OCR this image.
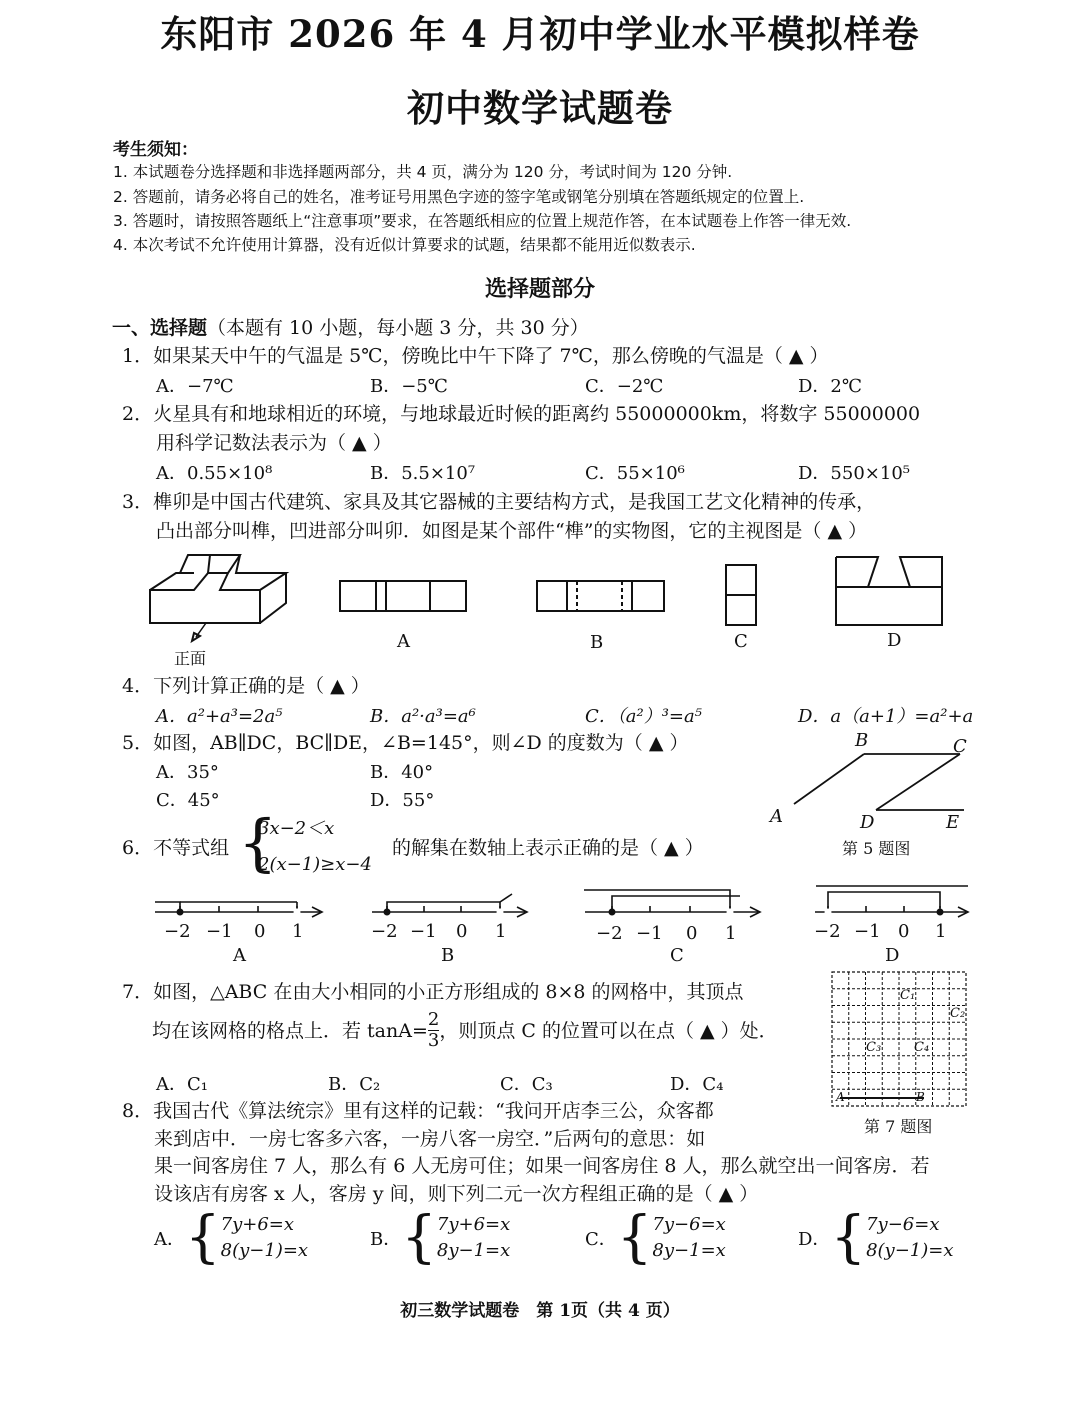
东阳市 2026 年 4 月初中学业水平模拟样卷
初中数学试题卷
考生须知：
1. 本试题卷分选择题和非选择题两部分，共 4 页，满分为 120 分，考试时间为 120 分钟.
2. 答题前，请务必将自己的姓名，准考证号用黑色字迹的签字笔或钢笔分别填在答题纸规定的位置上.
3. 答题时，请按照答题纸上“注意事项”要求，在答题纸相应的位置上规范作答，在本试题卷上作答一律无效.
4. 本次考试不允许使用计算器，没有近似计算要求的试题，结果都不能用近似数表示.
选择题部分
一、选择题（本题有 10 小题，每小题 3 分，共 30 分）
1．如果某天中午的气温是 5℃，傍晚比中午下降了 7℃，那么傍晚的气温是（ ▲ ）
A．−7℃	B．−5℃	C．−2℃	D．2℃
2．火星具有和地球相近的环境，与地球最近时候的距离约 55000000km，将数字 55000000
用科学记数法表示为（ ▲ ）
A．0.55×10⁸	B．5.5×10⁷	C．55×10⁶	D．550×10⁵
3．榫卯是中国古代建筑、家具及其它器械的主要结构方式，是我国工艺文化精神的传承，
凸出部分叫榫，凹进部分叫卯．如图是某个部件“榫”的实物图，它的主视图是（ ▲ ）
正面
A	B	C	D
4．下列计算正确的是（ ▲ ）
A．a²+a³=2a⁵	B．a²·a³=a⁶	C．（a²）³=a⁵	D．a（a+1）=a²+a
5．如图，AB∥DC，BC∥DE，∠B=145°，则∠D 的度数为（ ▲ ）
A．35°	B．40°
C．45°	D．55°
A
B	C
D	E
第 5 题图
6．不等式组 {
3x−2＜x
2(x−1)≥x−4
的解集在数轴上表示正确的是（ ▲ ）
−2 −1 0 1	−2 −1 0 1	−2 −1 0 1	−2 −1 0 1
A	B	C	D
7．如图，△ABC 在由大小相同的小正方形组成的 8×8 的网格中，其顶点
均在该网格的格点上．若 $\tan A= \frac{2}{3}$ ，则顶点 C 的位置可以在点（ ▲ ）处．
A．C₁	B．C₂	C．C₃	D．C₄
C₁
C₂
C₃	C₄
A	B
第 7 题图
8．我国古代《算法统宗》里有这样的记载：“我问开店李三公，众客都
来到店中．一房七客多六客，一房八客一房空．”后两句的意思：如
果一间客房住 7 人，那么有 6 人无房可住；如果一间客房住 8 人，那么就空出一间客房．若
设该店有房客 x 人，客房 y 间，则下列二元一次方程组正确的是（ ▲ ）
A． { 7y+6=x
8(y−1)=x
B． { 7y+6=x
8y−1=x
C． { 7y−6=x
8y−1=x
D． { 7y−6=x
8(y−1)=x
初三数学试题卷　第 1页（共 4 页）
